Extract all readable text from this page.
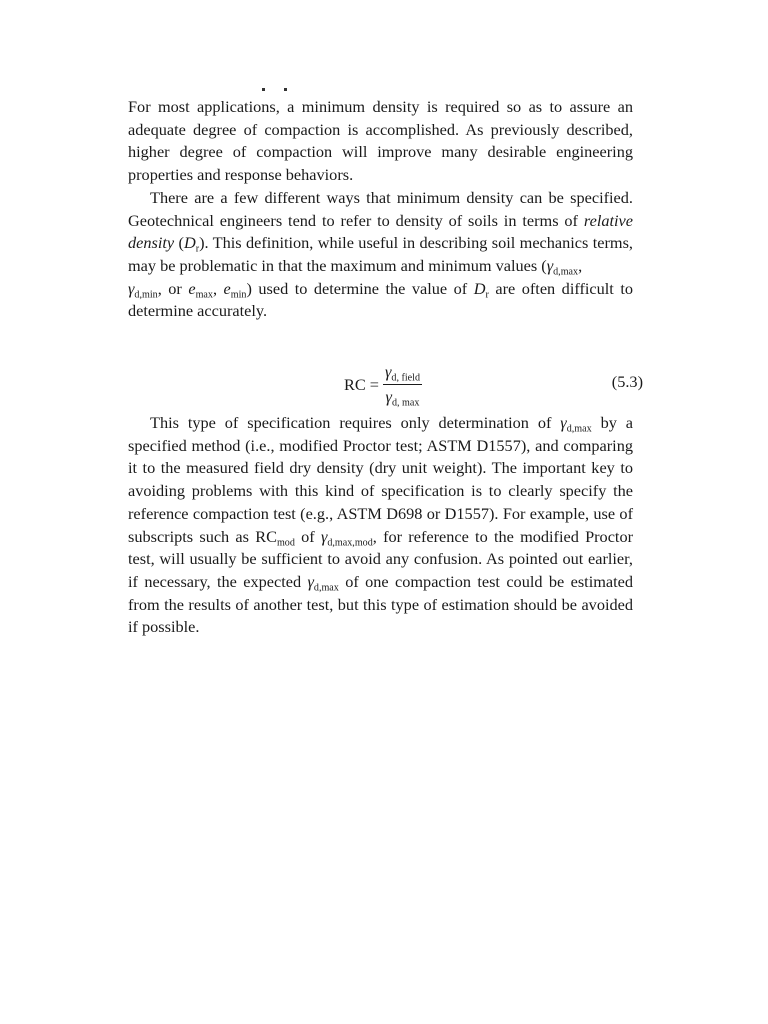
For most applications, a minimum density is required so as to assure an adequate degree of compaction is accomplished. As previously described, higher degree of compaction will improve many desirable engineering properties and response behaviors.

There are a few different ways that minimum density can be specified. Geotechnical engineers tend to refer to density of soils in terms of relative density $(D_r)$. This definition, while useful in describing soil mechanics terms, may be problematic in that the maximum and minimum values ($\gamma_{d,max}$,
$\gamma_{d,min}$, or $e_{max}$, $e_{min}$) used to determine the value of $D_r$ are often difficult to determine accurately.

RC = $\frac{\gamma_{d, field}}{\gamma_{d, max}}$	(5.3)

This type of specification requires only determination of $\gamma_{d,max}$ by a specified method (i.e., modified Proctor test; ASTM D1557), and comparing it to the measured field dry density (dry unit weight). The important key to avoiding problems with this kind of specification is to clearly specify the reference compaction test (e.g., ASTM D698 or D1557). For example, use of subscripts such as $RC_{mod}$ of $\gamma_{d,max,mod}$, for reference to the modified Proctor test, will usually be sufficient to avoid any confusion. As pointed out earlier, if necessary, the expected $\gamma_{d,max}$ of one compaction test could be estimated from the results of another test, but this type of estimation should be avoided if possible.
